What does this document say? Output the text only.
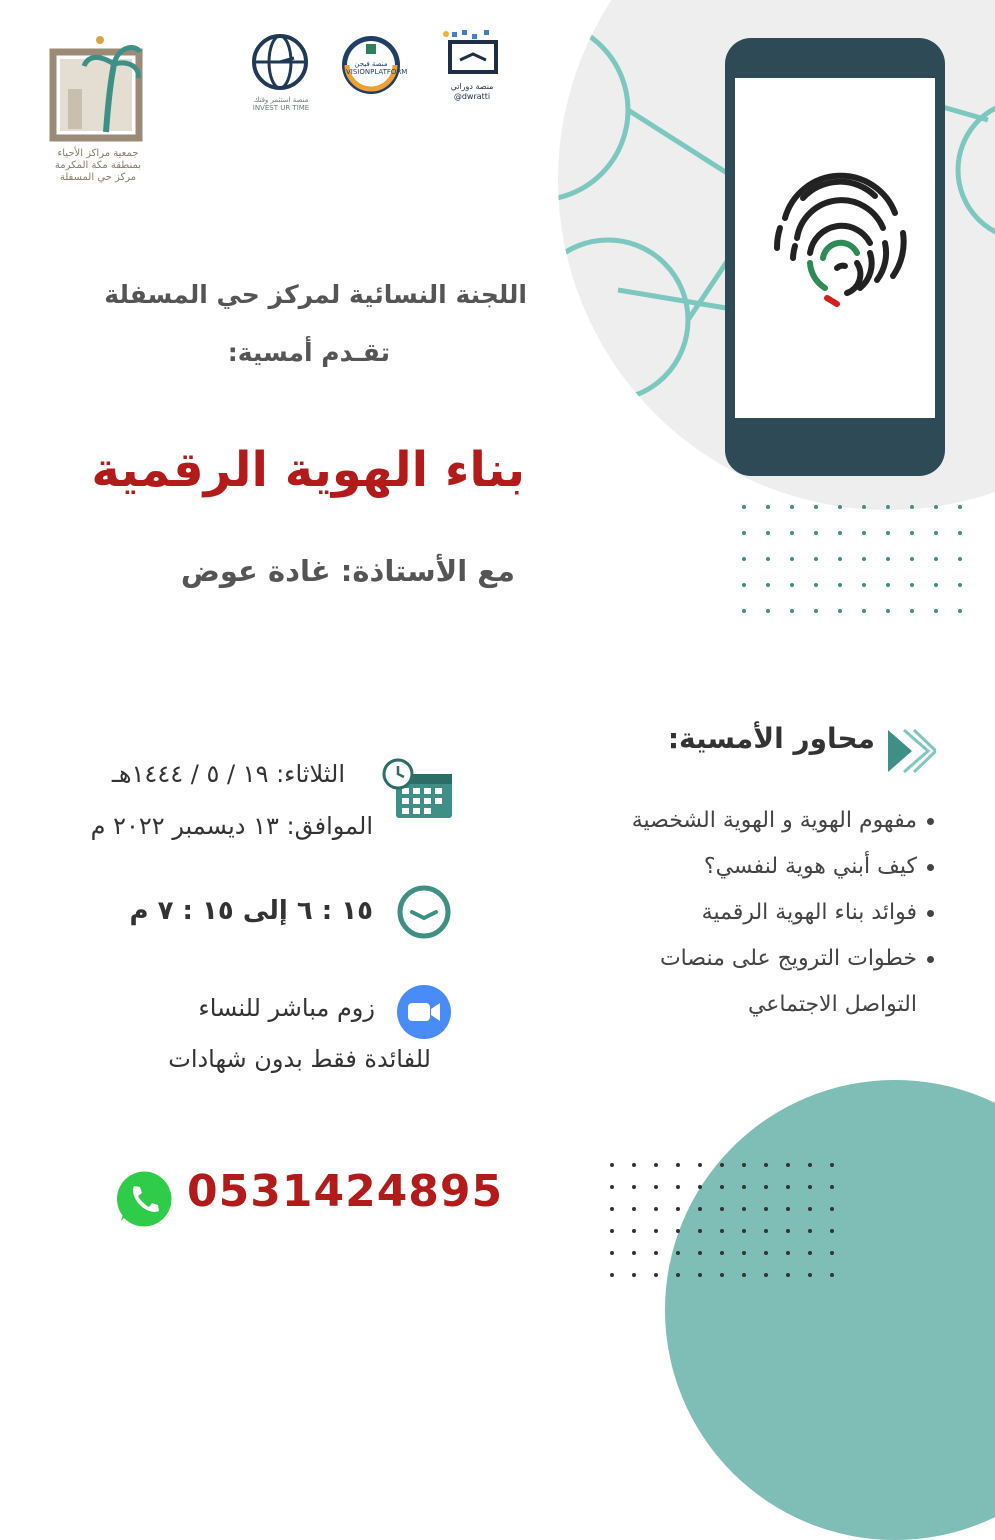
جمعية مراكز الأحياء
بمنطقة مكة المكرمة
مركز حي المسفلة
منصة استثمر وقتك
INVEST UR TIME
منصة فيجن
VISIONPLATFORM
منصة دوراتي
@dwratti
اللجنة النسائية لمركز حي المسفلة
تقـدم أمسية:
بناء الهوية الرقمية
مع الأستاذة: غادة عوض
محاور الأمسية:
مفهوم الهوية و الهوية الشخصية
كيف أبني هوية لنفسي؟
فوائد بناء الهوية الرقمية
خطوات الترويج على منصات
التواصل الاجتماعي
الثلاثاء: ١٩ / ٥ / ١٤٤٤هـ
الموافق: ١٣ ديسمبر ٢٠٢٢ م
١٥ : ٦ إلى ١٥ : ٧ م
زوم مباشر للنساء
للفائدة فقط بدون شهادات
0531424895
